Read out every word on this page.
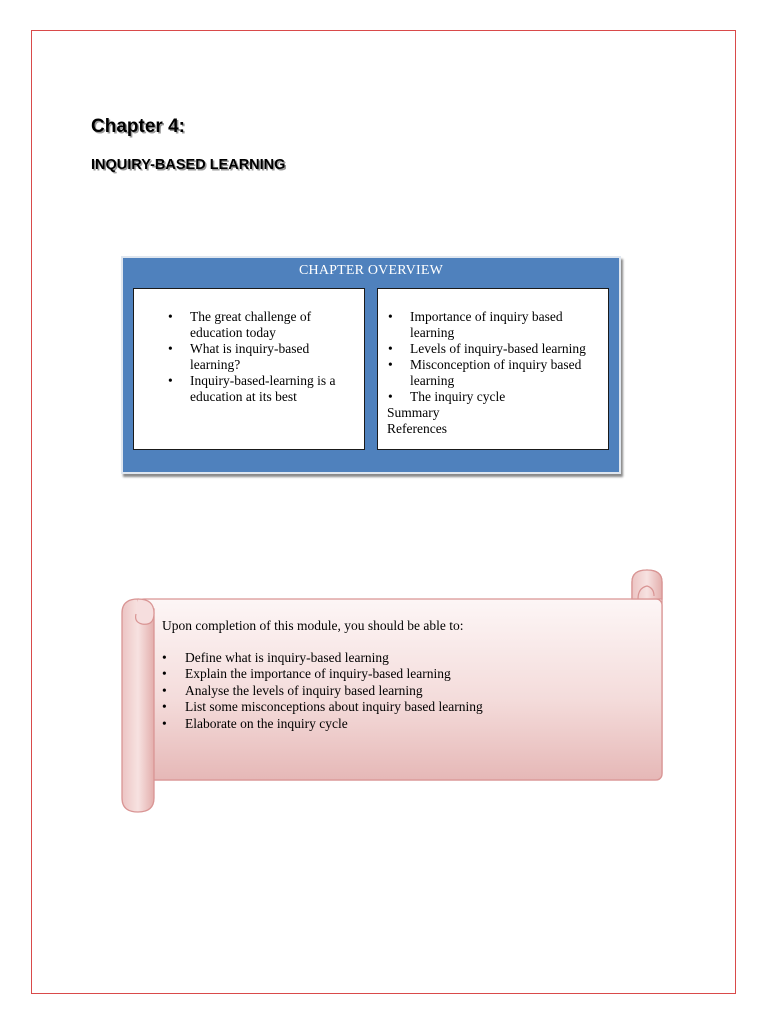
Chapter 4:
INQUIRY-BASED LEARNING
CHAPTER OVERVIEW
• The great challenge of education today
• What is inquiry-based learning?
• Inquiry-based-learning is a education at its best
• Importance of inquiry based learning
• Levels of inquiry-based learning
• Misconception of inquiry based learning
• The inquiry cycle
Summary
References

Upon completion of this module, you should be able to:

• Define what is inquiry-based learning
• Explain the importance of inquiry-based learning
• Analyse the levels of inquiry based learning
• List some misconceptions about inquiry based learning
• Elaborate on the inquiry cycle
